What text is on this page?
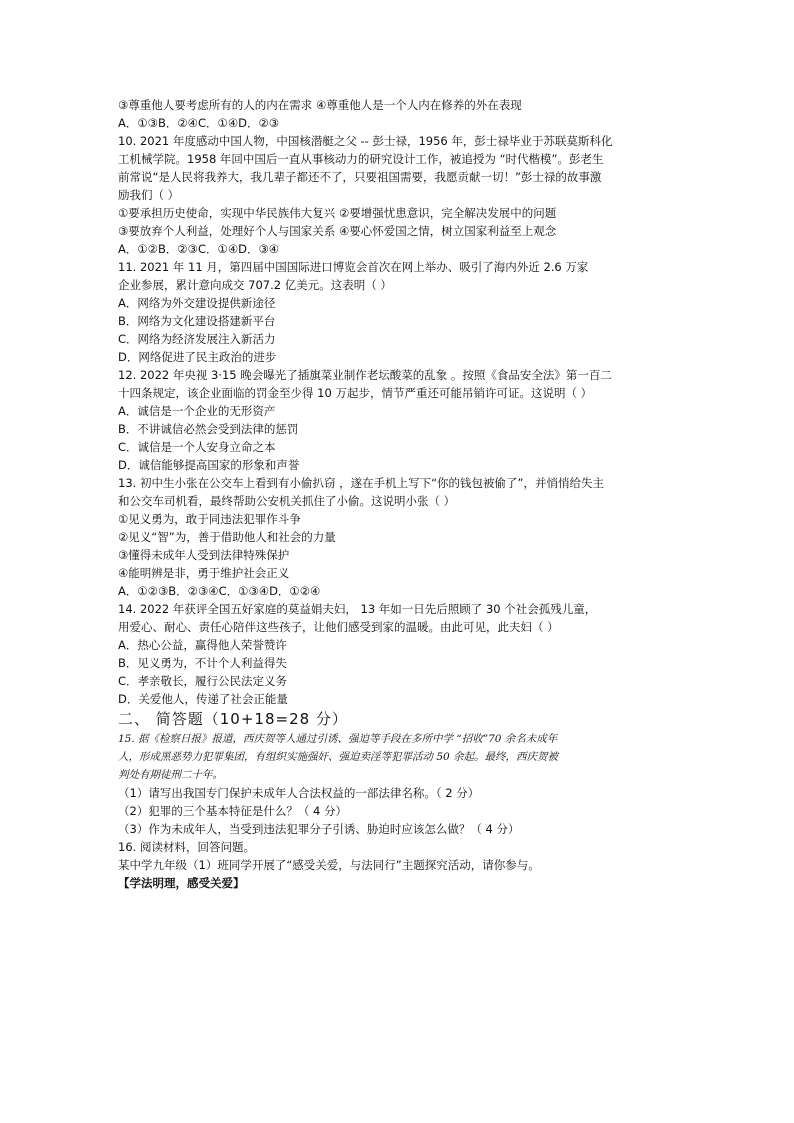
③尊重他人要考虑所有的人的内在需求 ④尊重他人是一个人内在修养的外在表现
A．①③B．②④C．①④D．②③
10. 2021 年度感动中国人物，中国核潜艇之父 -- 彭士禄，1956 年，彭士禄毕业于苏联莫斯科化
工机械学院。1958 年回中国后一直从事核动力的研究设计工作，被追授为 “时代楷模”。彭老生
前常说“是人民将我养大，我几辈子都还不了，只要祖国需要，我愿贡献一切！”彭士禄的故事激
励我们（ ）
①要承担历史使命，实现中华民族伟大复兴 ②要增强忧患意识，完全解决发展中的问题
③要放弃个人利益，处理好个人与国家关系 ④要心怀爱国之情，树立国家利益至上观念
A．①②B．②③C．①④D．③④
11. 2021 年 11 月，第四届中国国际进口博览会首次在网上举办、吸引了海内外近 2.6 万家
企业参展，累计意向成交 707.2 亿美元。这表明（ ）
A．网络为外交建设提供新途径
B．网络为文化建设搭建新平台
C．网络为经济发展注入新活力
D．网络促进了民主政治的进步
12. 2022 年央视 3·15 晚会曝光了插旗菜业制作老坛酸菜的乱象 。按照《食品安全法》第一百二
十四条规定，该企业面临的罚金至少得 10 万起步，情节严重还可能吊销许可证。这说明（ ）
A．诚信是一个企业的无形资产
B．不讲诚信必然会受到法律的惩罚
C．诚信是一个人安身立命之本
D．诚信能够提高国家的形象和声誉
13. 初中生小张在公交车上看到有小偷扒窃 ，遂在手机上写下“你的钱包被偷了”，并悄悄给失主
和公交车司机看，最终帮助公安机关抓住了小偷。这说明小张（ ）
①见义勇为，敢于同违法犯罪作斗争
②见义“智”为，善于借助他人和社会的力量
③懂得未成年人受到法律特殊保护
④能明辨是非，勇于维护社会正义
A．①②③B．②③④C．①③④D．①②④
14. 2022 年获评全国五好家庭的莫益娟夫妇， 13 年如一日先后照顾了 30 个社会孤残儿童，
用爱心、耐心、责任心陪伴这些孩子，让他们感受到家的温暖。由此可见，此夫妇（ ）
A．热心公益，赢得他人荣誉赞许
B．见义勇为，不计个人利益得失
C．孝亲敬长，履行公民法定义务
D．关爱他人，传递了社会正能量
二、 简答题（10+18=28 分）
15. 据《检察日报》报道，西庆贺等人通过引诱、强迫等手段在多所中学 “招收”70 余名未成年
人，形成黑恶势力犯罪集团，有组织实施强奸、强迫卖淫等犯罪活动 50 余起。最终，西庆贺被
判处有期徒刑二十年。
（1）请写出我国专门保护未成年人合法权益的一部法律名称。（ 2 分）
（2）犯罪的三个基本特征是什么？（ 4 分）
（3）作为未成年人，当受到违法犯罪分子引诱、胁迫时应该怎么做？（ 4 分）
16. 阅读材料，回答问题。
某中学九年级（1）班同学开展了“感受关爱，与法同行”主题探究活动，请你参与。
【学法明理，感受关爱】
